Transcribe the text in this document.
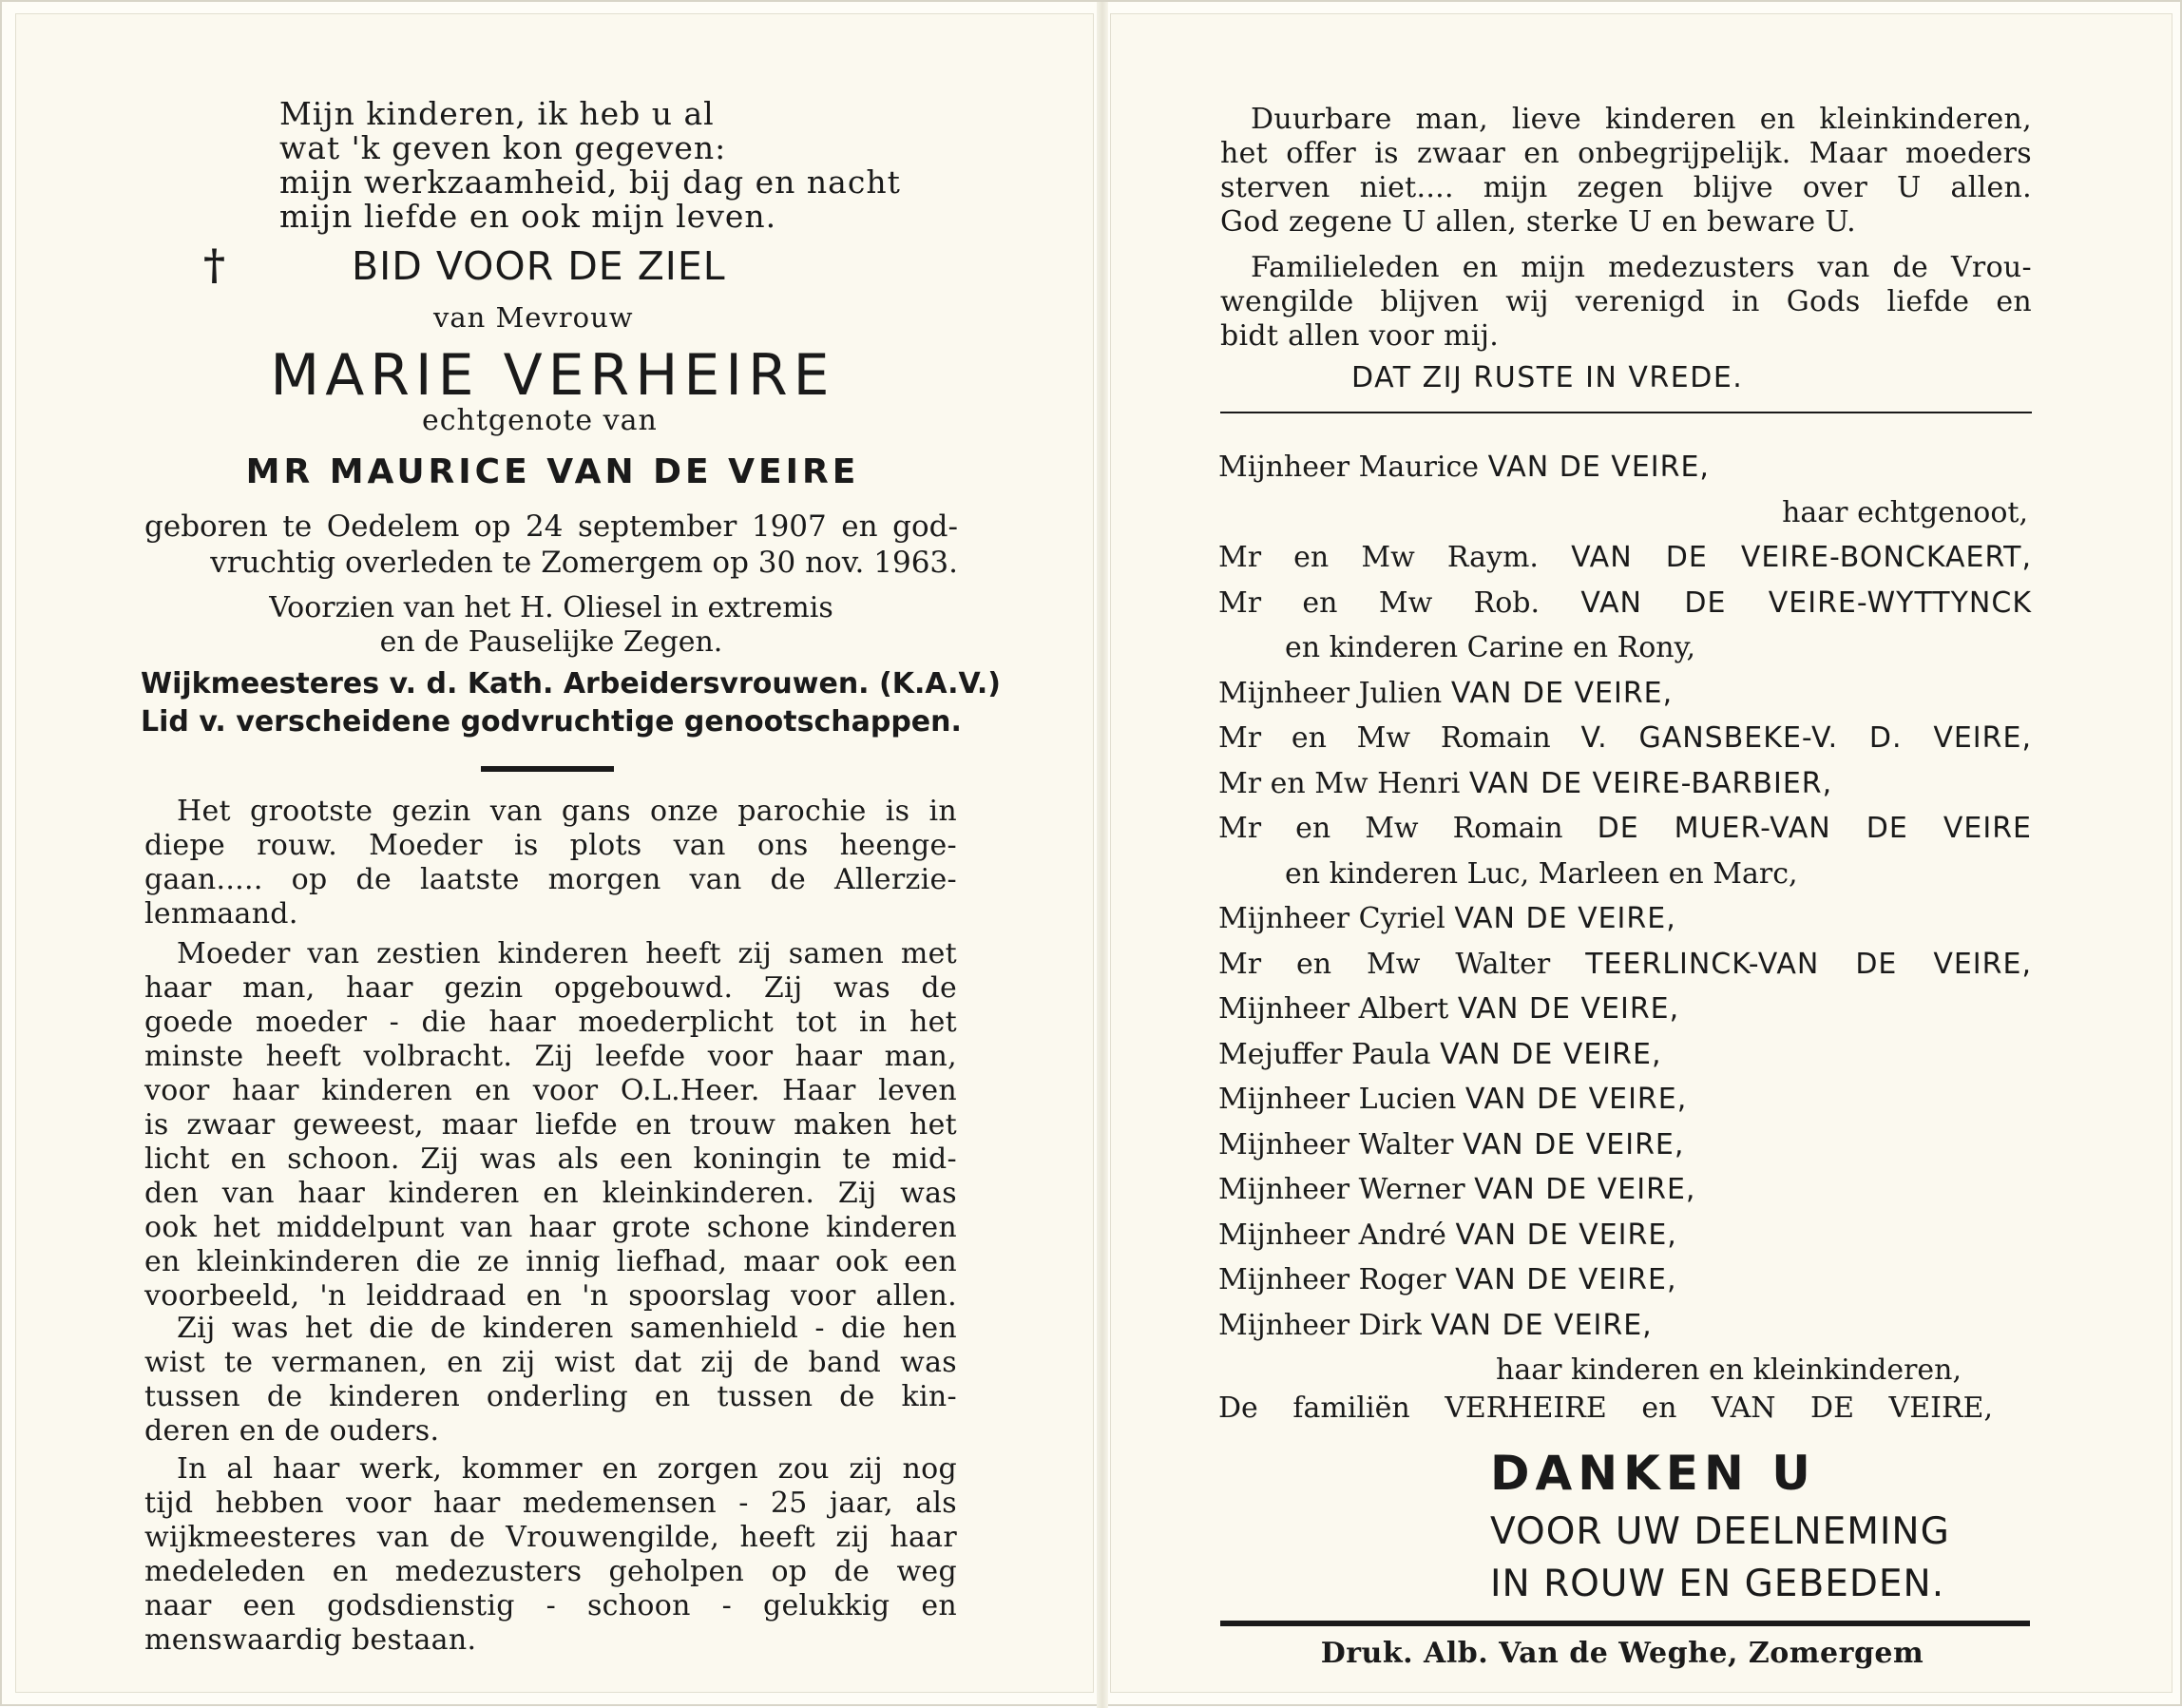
Mijn kinderen, ik heb u al
wat 'k geven kon gegeven:
mijn werkzaamheid, bij dag en nacht
mijn liefde en ook mijn leven.
†	BID VOOR DE ZIEL
van Mevrouw
MARIE VERHEIRE
echtgenote van
MR MAURICE VAN DE VEIRE
geboren te Oedelem op 24 september 1907 en god-
vruchtig overleden te Zomergem op 30 nov. 1963.
Voorzien van het H. Oliesel in extremis
en de Pauselijke Zegen.
Wijkmeesteres v. d. Kath. Arbeidersvrouwen. (K.A.V.)
Lid v. verscheidene godvruchtige genootschappen.
Het grootste gezin van gans onze parochie is in
diepe rouw. Moeder is plots van ons heenge-
gaan..... op de laatste morgen van de Allerzie-
lenmaand.
Moeder van zestien kinderen heeft zij samen met
haar man, haar gezin opgebouwd. Zij was de
goede moeder - die haar moederplicht tot in het
minste heeft volbracht. Zij leefde voor haar man,
voor haar kinderen en voor O.L.Heer. Haar leven
is zwaar geweest, maar liefde en trouw maken het
licht en schoon. Zij was als een koningin te mid-
den van haar kinderen en kleinkinderen. Zij was
ook het middelpunt van haar grote schone kinderen
en kleinkinderen die ze innig liefhad, maar ook een
voorbeeld, 'n leiddraad en 'n spoorslag voor allen.
Zij was het die de kinderen samenhield - die hen
wist te vermanen, en zij wist dat zij de band was
tussen de kinderen onderling en tussen de kin-
deren en de ouders.
In al haar werk, kommer en zorgen zou zij nog
tijd hebben voor haar medemensen - 25 jaar, als
wijkmeesteres van de Vrouwengilde, heeft zij haar
medeleden en medezusters geholpen op de weg
naar een godsdienstig - schoon - gelukkig en
menswaardig bestaan.
Duurbare man, lieve kinderen en kleinkinderen,
het offer is zwaar en onbegrijpelijk. Maar moeders
sterven niet.... mijn zegen blijve over U allen.
God zegene U allen, sterke U en beware U.
Familieleden en mijn medezusters van de Vrou-
wengilde blijven wij verenigd in Gods liefde en
bidt allen voor mij.
DAT ZIJ RUSTE IN VREDE.
Mijnheer Maurice VAN DE VEIRE,
haar echtgenoot,
Mr en Mw Raym. VAN DE VEIRE-BONCKAERT,
Mr en Mw Rob. VAN DE VEIRE-WYTTYNCK
en kinderen Carine en Rony,
Mijnheer Julien VAN DE VEIRE,
Mr en Mw Romain V. GANSBEKE-V. D. VEIRE,
Mr en Mw Henri VAN DE VEIRE-BARBIER,
Mr en Mw Romain DE MUER-VAN DE VEIRE
en kinderen Luc, Marleen en Marc,
Mijnheer Cyriel VAN DE VEIRE,
Mr en Mw Walter TEERLINCK-VAN DE VEIRE,
Mijnheer Albert VAN DE VEIRE,
Mejuffer Paula VAN DE VEIRE,
Mijnheer Lucien VAN DE VEIRE,
Mijnheer Walter VAN DE VEIRE,
Mijnheer Werner VAN DE VEIRE,
Mijnheer André VAN DE VEIRE,
Mijnheer Roger VAN DE VEIRE,
Mijnheer Dirk VAN DE VEIRE,
haar kinderen en kleinkinderen,
De familiën VERHEIRE en VAN DE VEIRE,
DANKEN U
VOOR UW DEELNEMING
IN ROUW EN GEBEDEN.
Druk. Alb. Van de Weghe, Zomergem
